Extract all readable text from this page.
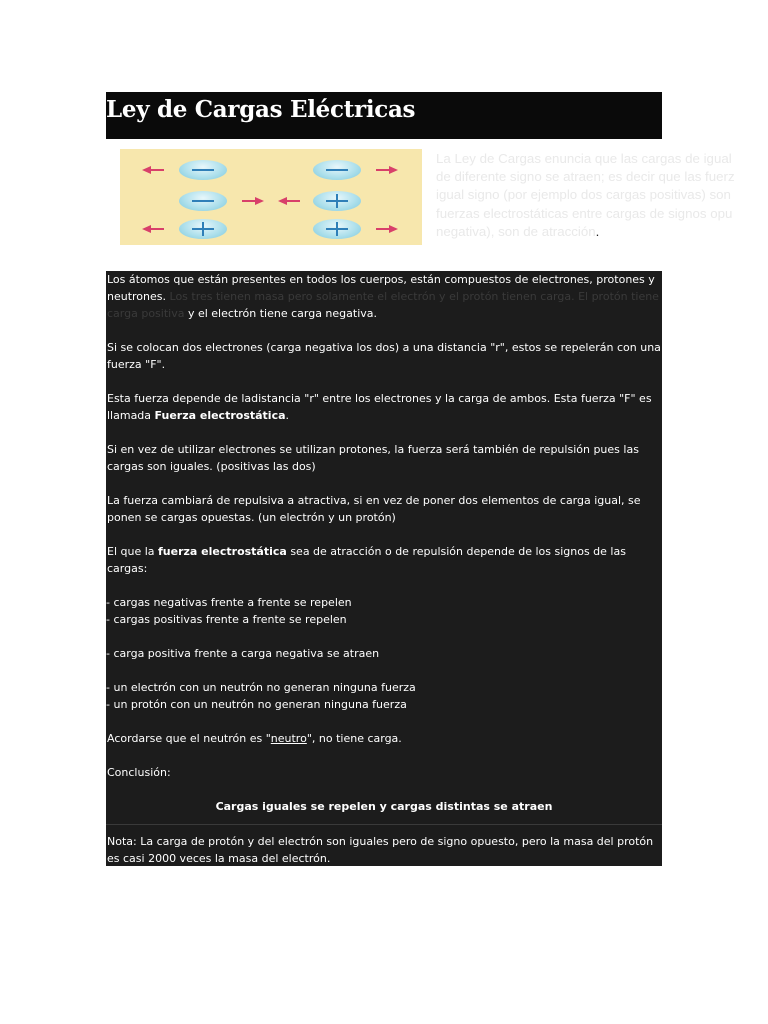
Ley de Cargas Eléctricas

La Ley de Cargas enuncia que las cargas de igual

de diferente signo se atraen; es decir que las fuerz

igual signo (por ejemplo dos cargas positivas) son

fuerzas electrostáticas entre cargas de signos opu

negativa), son de atracción.

Los átomos que están presentes en todos los cuerpos, están compuestos de electrones, protones y neutrones. Los tres tienen masa pero solamente el electrón y el protón tienen carga. El protón tiene carga positiva y el electrón tiene carga negativa.

Si se colocan dos electrones (carga negativa los dos) a una distancia "r", estos se repelerán con una fuerza "F".

Esta fuerza depende de ladistancia "r" entre los electrones y la carga de ambos. Esta fuerza "F" es llamada Fuerza electrostática.

Si en vez de utilizar electrones se utilizan protones, la fuerza será también de repulsión pues las cargas son iguales. (positivas las dos)

La fuerza cambiará de repulsiva a atractiva, si en vez de poner dos elementos de carga igual, se ponen se cargas opuestas. (un electrón y un protón)

El que la fuerza electrostática sea de atracción o de repulsión depende de los signos de las cargas:

- cargas negativas frente a frente se repelen
- cargas positivas frente a frente se repelen
- carga positiva frente a carga negativa se atraen
- un electrón con un neutrón no generan ninguna fuerza
- un protón con un neutrón no generan ninguna fuerza

Acordarse que el neutrón es "neutro", no tiene carga.

Conclusión:

Cargas iguales se repelen y cargas distintas se atraen

Nota: La carga de protón y del electrón son iguales pero de signo opuesto, pero la masa del protón es casi 2000 veces la masa del electrón.
